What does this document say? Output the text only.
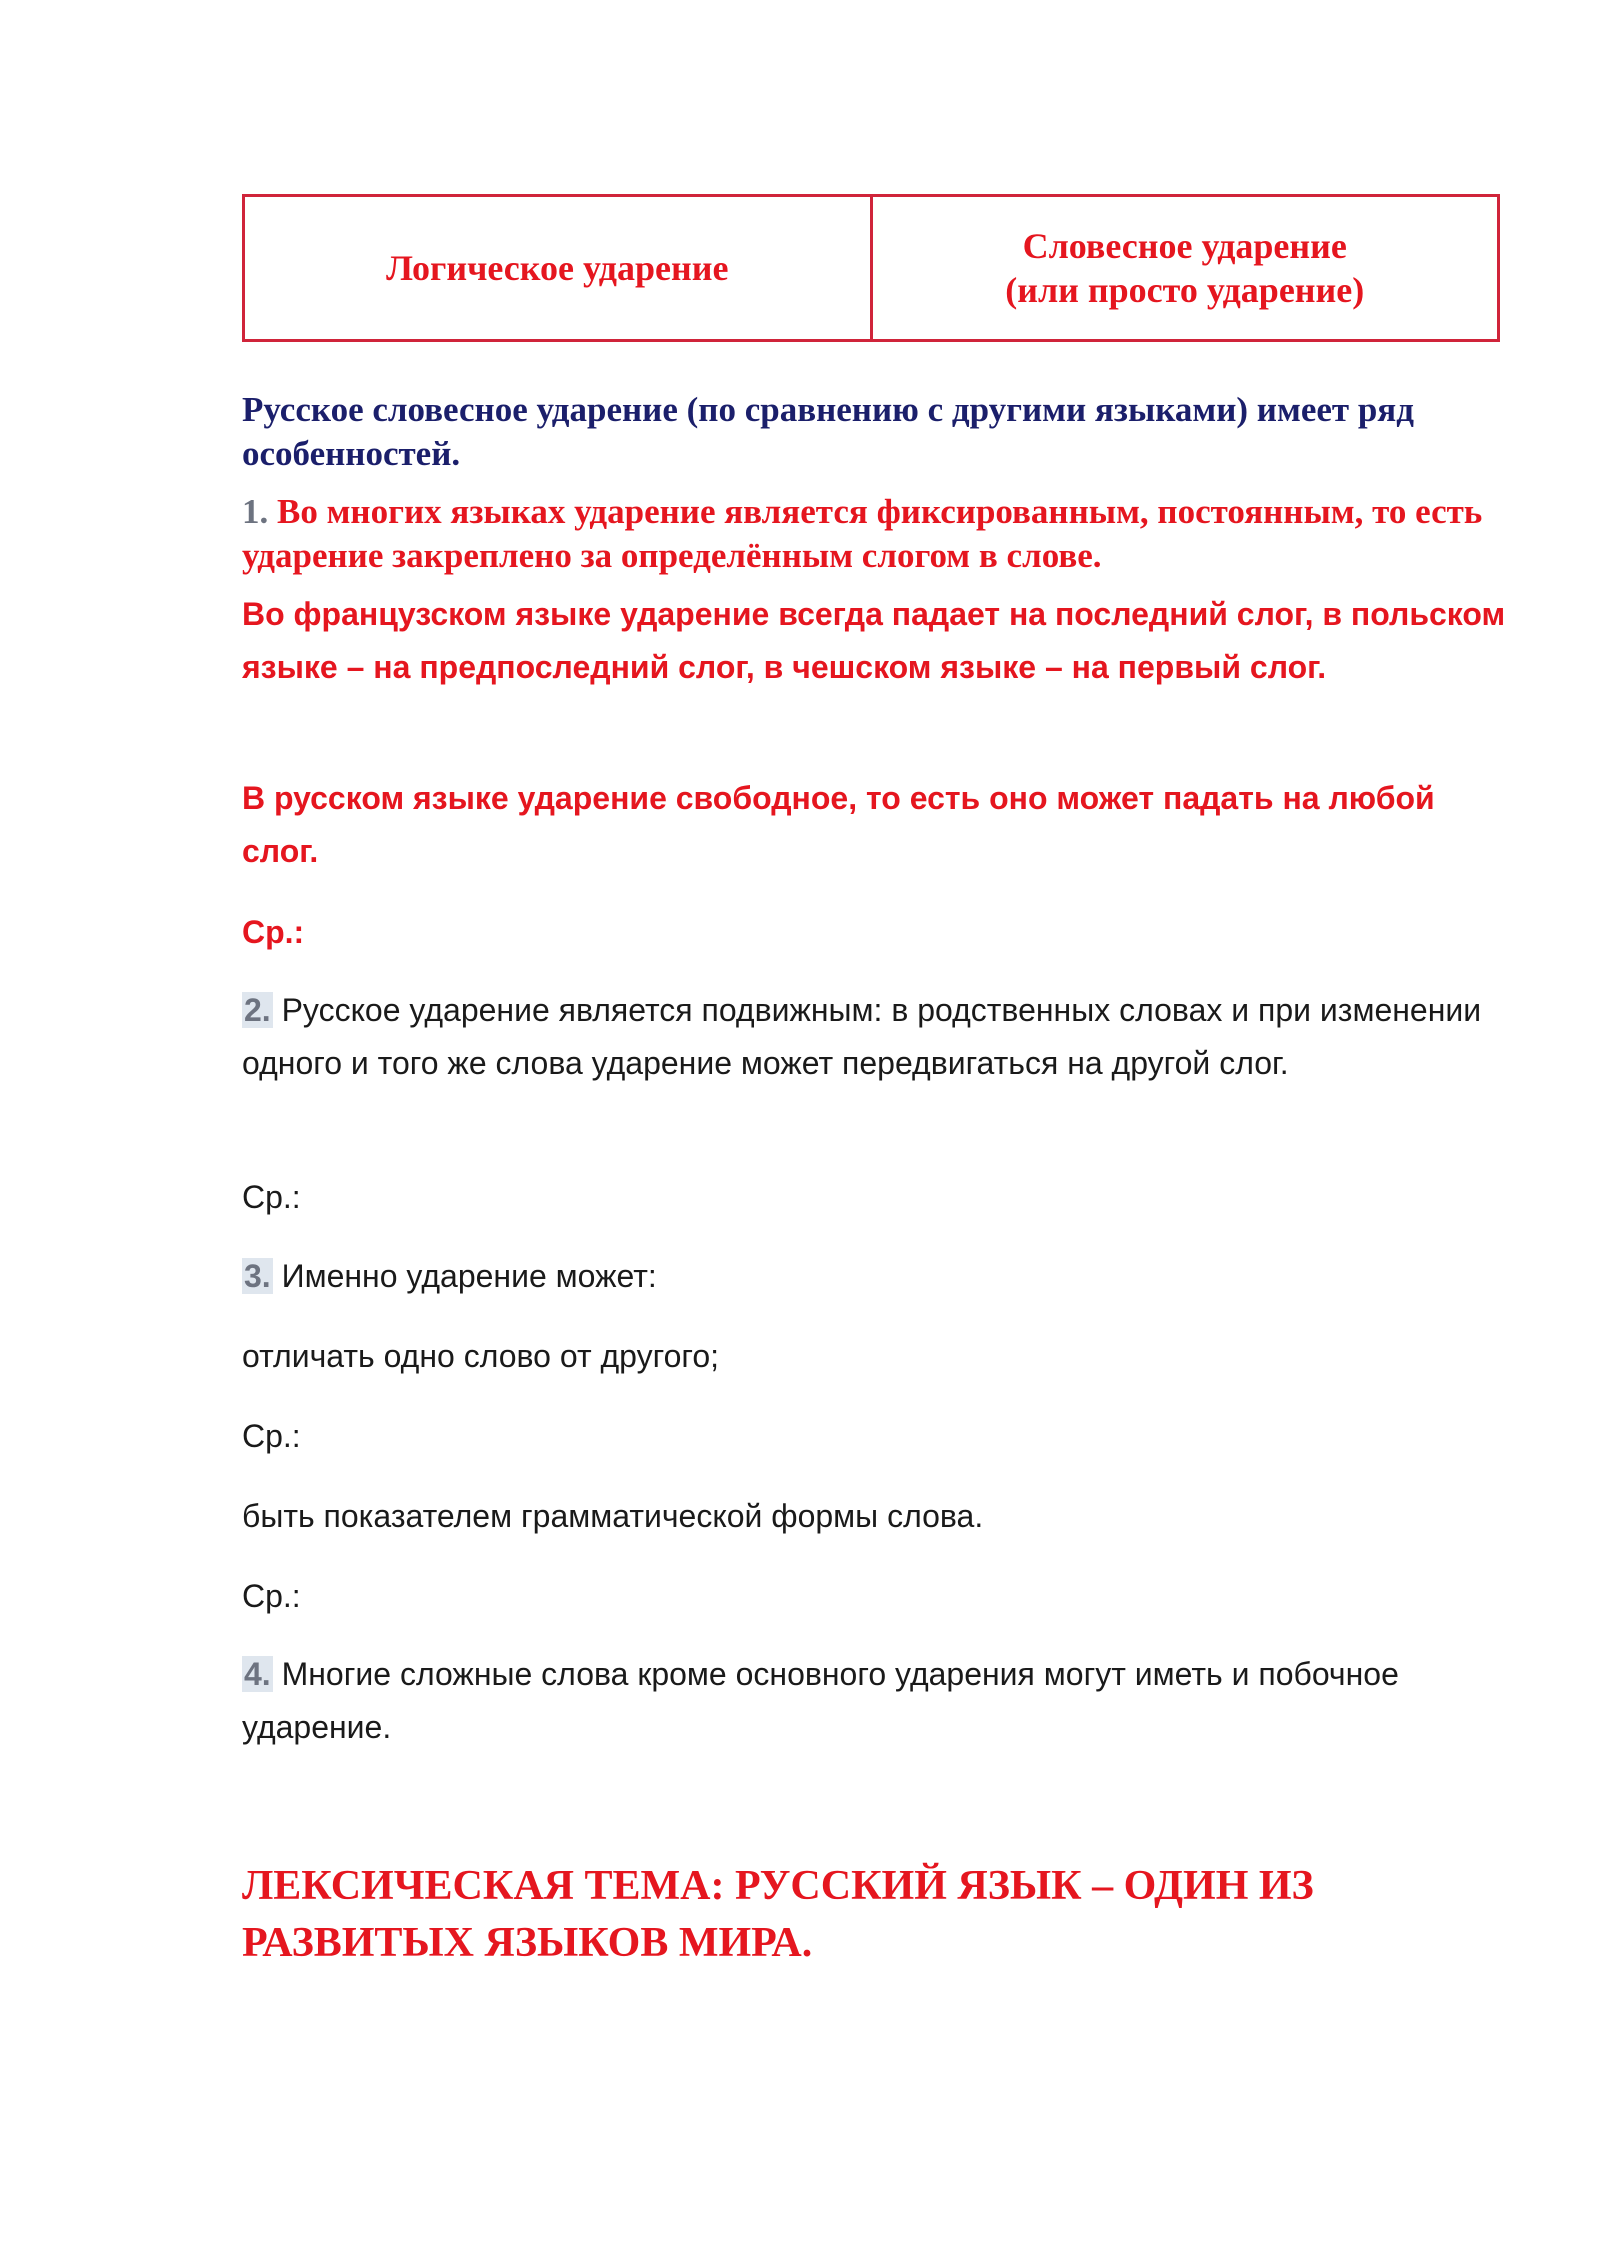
Логическое ударение
Словесное ударение
(или просто ударение)

Русское словесное ударение (по сравнению с другими языками) имеет ряд особенностей.

1. Во многих языках ударение является фиксированным, постоянным, то есть ударение закреплено за определённым слогом в слове.

Во французском языке ударение всегда падает на последний слог, в польском языке – на предпоследний слог, в чешском языке – на первый слог.

В русском языке ударение свободное, то есть оно может падать на любой слог.

Ср.:

2. Русское ударение является подвижным: в родственных словах и при изменении одного и того же слова ударение может передвигаться на другой слог.

Ср.:

3. Именно ударение может:

отличать одно слово от другого;

Ср.:

быть показателем грамматической формы слова.

Ср.:

4. Многие сложные слова кроме основного ударения могут иметь и побочное ударение.

ЛЕКСИЧЕСКАЯ ТЕМА: РУССКИЙ ЯЗЫК – ОДИН ИЗ РАЗВИТЫХ ЯЗЫКОВ МИРА.
